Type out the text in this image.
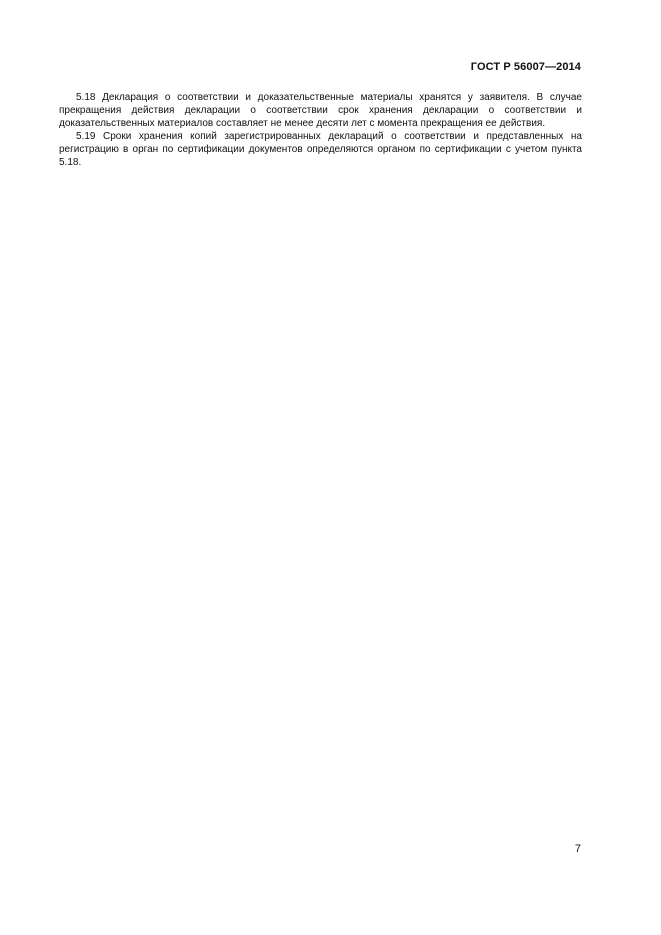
ГОСТ Р 56007—2014

5.18 Декларация о соответствии и доказательственные материалы хранятся у заявителя. В случае прекращения действия декларации о соответствии срок хранения декларации о соответствии и доказательственных материалов составляет не менее десяти лет с момента прекращения ее действия.

5.19 Сроки хранения копий зарегистрированных деклараций о соответствии и представленных на регистрацию в орган по сертификации документов определяются органом по сертификации с учетом пункта 5.18.

7
